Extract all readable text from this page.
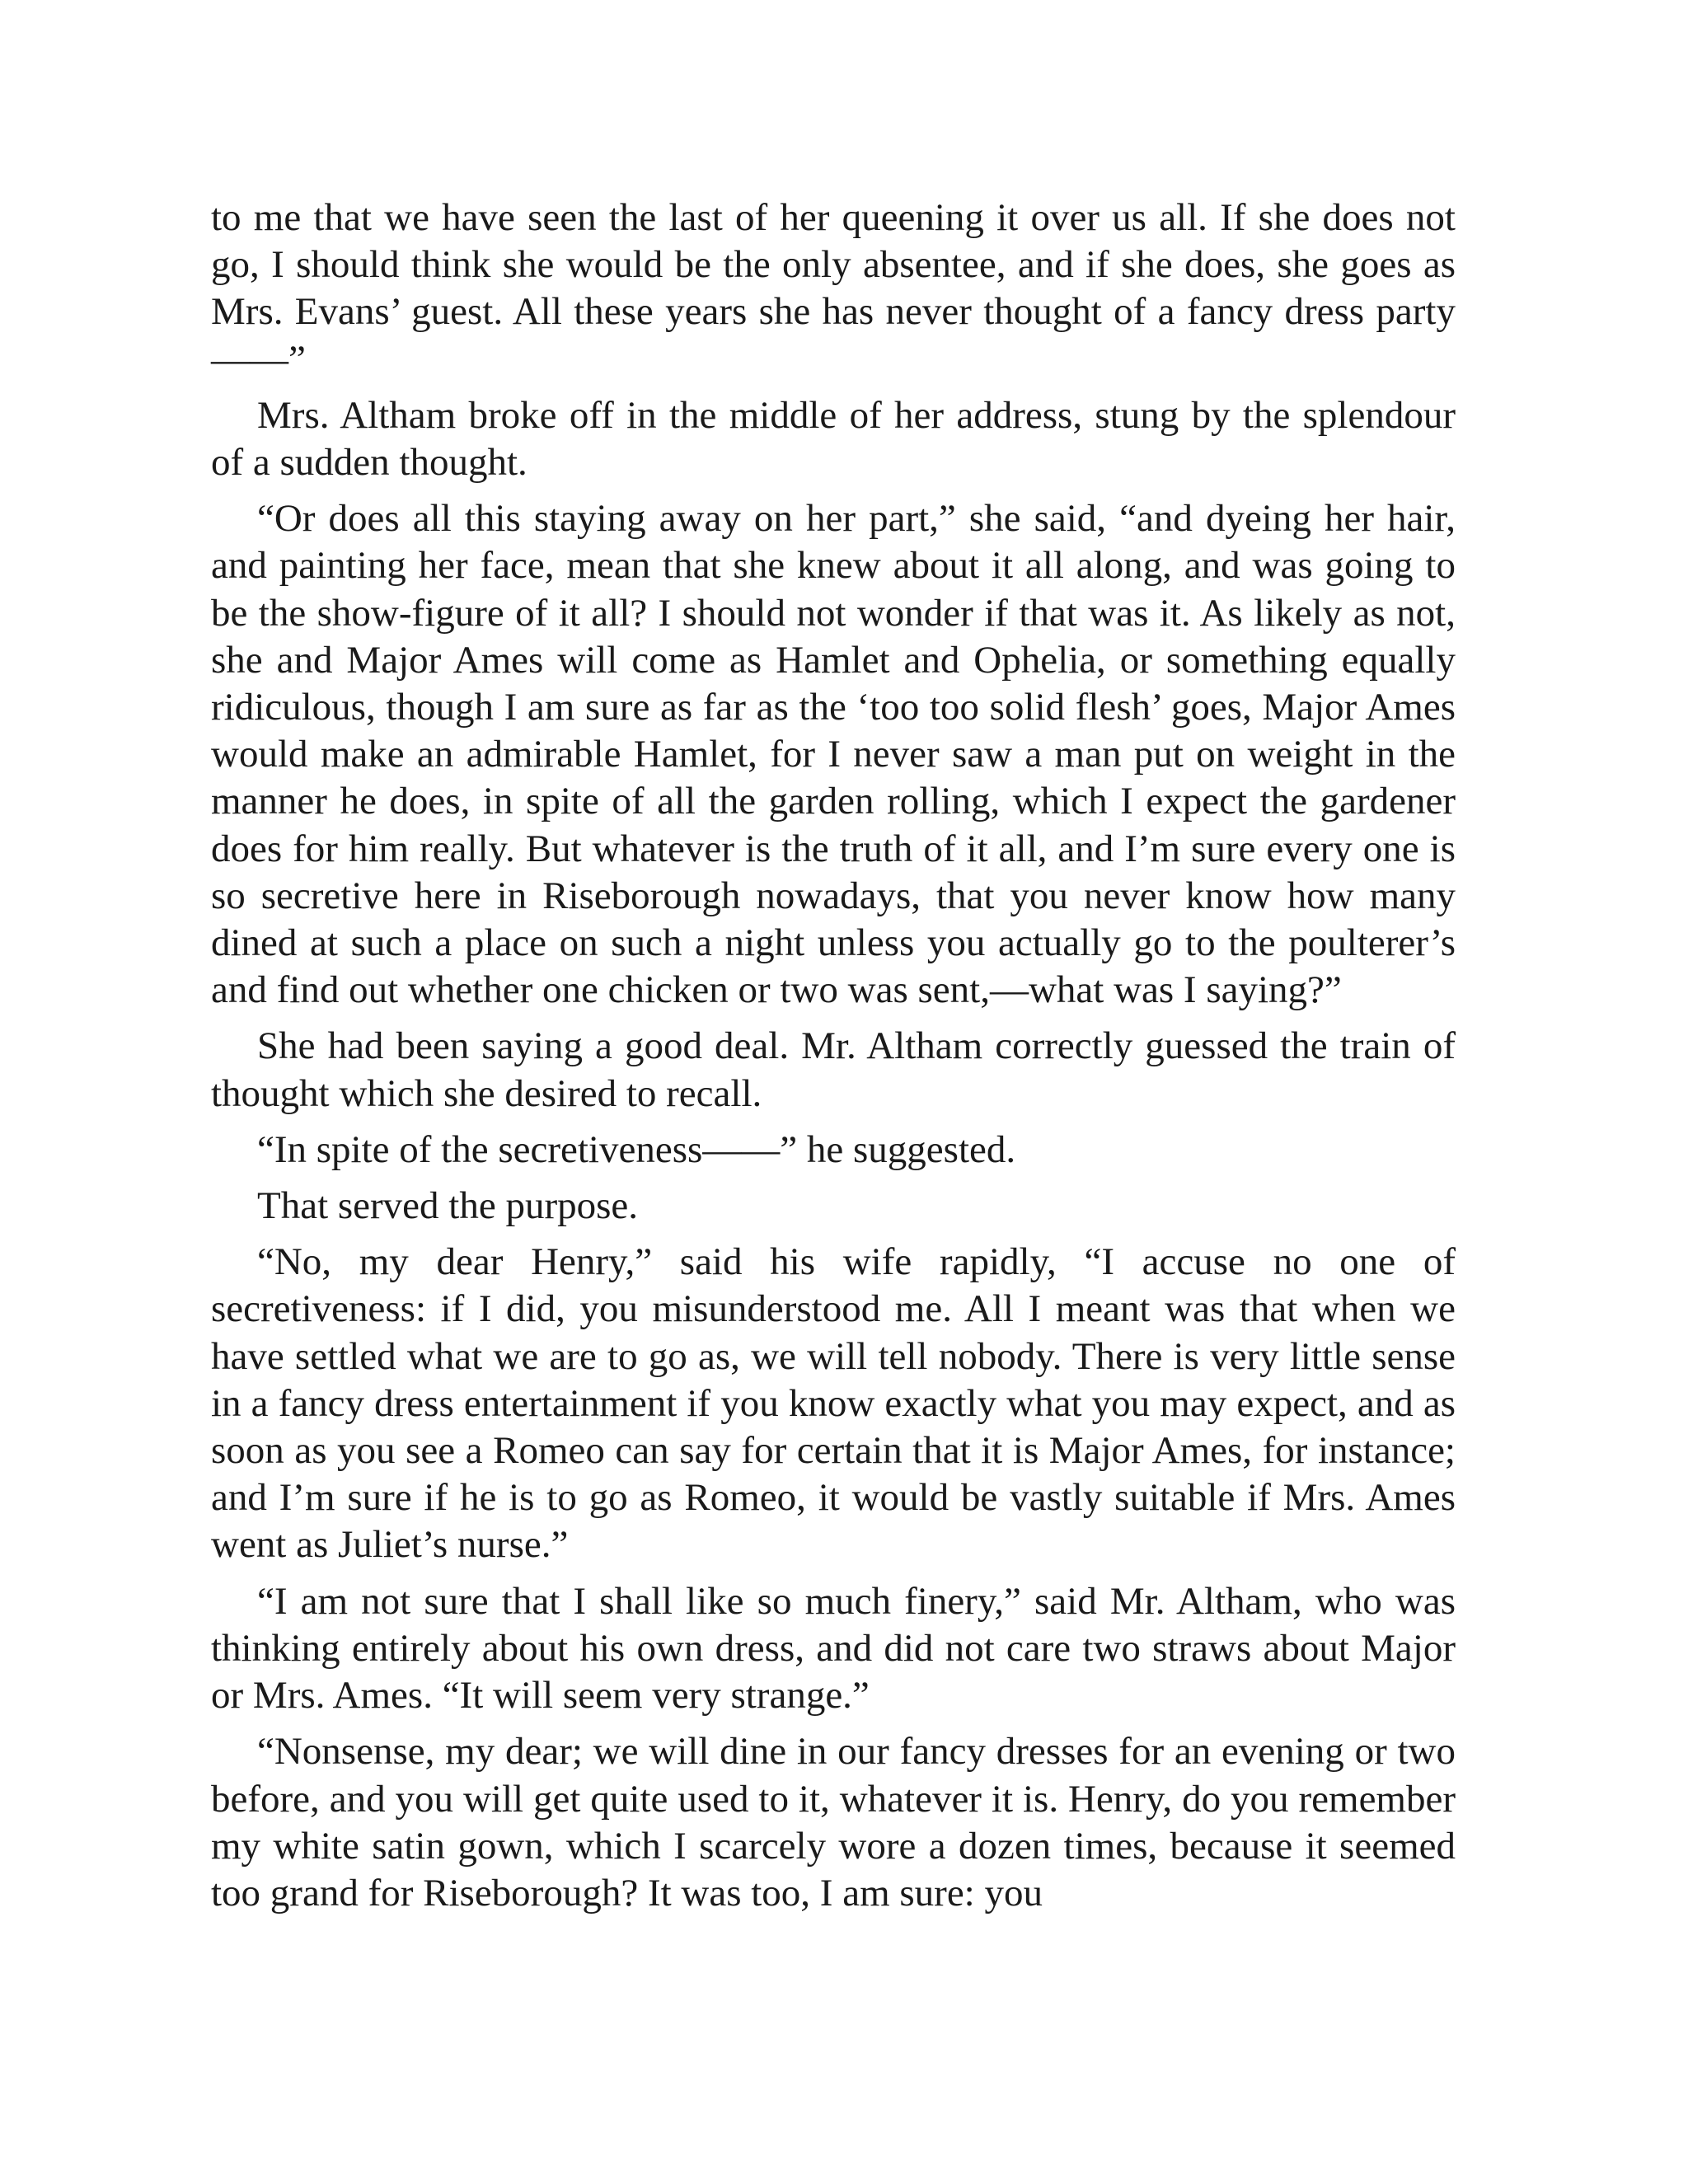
to me that we have seen the last of her queening it over us all. If she does not go, I should think she would be the only absentee, and if she does, she goes as Mrs. Evans’ guest. All these years she has never thought of a fancy dress party——”

Mrs. Altham broke off in the middle of her address, stung by the splendour of a sudden thought.

“Or does all this staying away on her part,” she said, “and dyeing her hair, and painting her face, mean that she knew about it all along, and was going to be the show-figure of it all? I should not wonder if that was it. As likely as not, she and Major Ames will come as Hamlet and Ophelia, or something equally ridiculous, though I am sure as far as the ‘too too solid flesh’ goes, Major Ames would make an admirable Hamlet, for I never saw a man put on weight in the manner he does, in spite of all the garden rolling, which I expect the gardener does for him really. But whatever is the truth of it all, and I’m sure every one is so secretive here in Riseborough nowadays, that you never know how many dined at such a place on such a night unless you actually go to the poulterer’s and find out whether one chicken or two was sent,—what was I saying?”

She had been saying a good deal. Mr. Altham correctly guessed the train of thought which she desired to recall.

“In spite of the secretiveness——” he suggested.

That served the purpose.

“No, my dear Henry,” said his wife rapidly, “I accuse no one of secretiveness: if I did, you misunderstood me. All I meant was that when we have settled what we are to go as, we will tell nobody. There is very little sense in a fancy dress entertainment if you know exactly what you may expect, and as soon as you see a Romeo can say for certain that it is Major Ames, for instance; and I’m sure if he is to go as Romeo, it would be vastly suitable if Mrs. Ames went as Juliet’s nurse.”

“I am not sure that I shall like so much finery,” said Mr. Altham, who was thinking entirely about his own dress, and did not care two straws about Major or Mrs. Ames. “It will seem very strange.”

“Nonsense, my dear; we will dine in our fancy dresses for an evening or two before, and you will get quite used to it, whatever it is. Henry, do you remember my white satin gown, which I scarcely wore a dozen times, because it seemed too grand for Riseborough? It was too, I am sure: you
